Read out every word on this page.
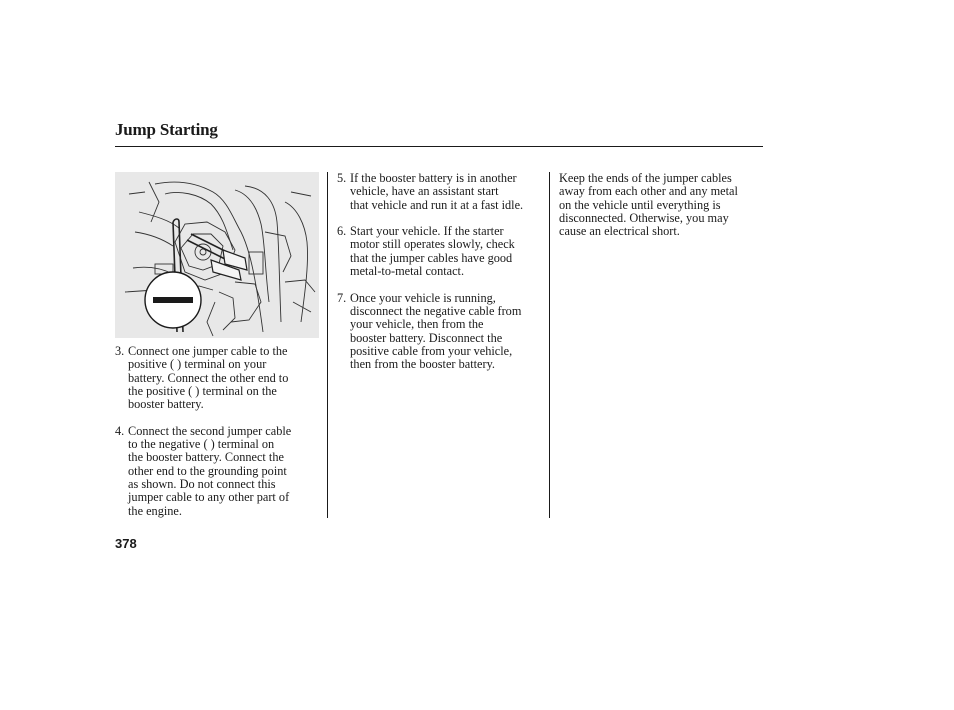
Jump Starting
3. Connect one jumper cable to the
positive ( ) terminal on your
battery. Connect the other end to
the positive ( ) terminal on the
booster battery.
4. Connect the second jumper cable
to the negative ( ) terminal on
the booster battery. Connect the
other end to the grounding point
as shown. Do not connect this
jumper cable to any other part of
the engine.
5. If the booster battery is in another
vehicle, have an assistant start
that vehicle and run it at a fast idle.
6. Start your vehicle. If the starter
motor still operates slowly, check
that the jumper cables have good
metal-to-metal contact.
7. Once your vehicle is running,
disconnect the negative cable from
your vehicle, then from the
booster battery. Disconnect the
positive cable from your vehicle,
then from the booster battery.
Keep the ends of the jumper cables
away from each other and any metal
on the vehicle until everything is
disconnected. Otherwise, you may
cause an electrical short.
378
